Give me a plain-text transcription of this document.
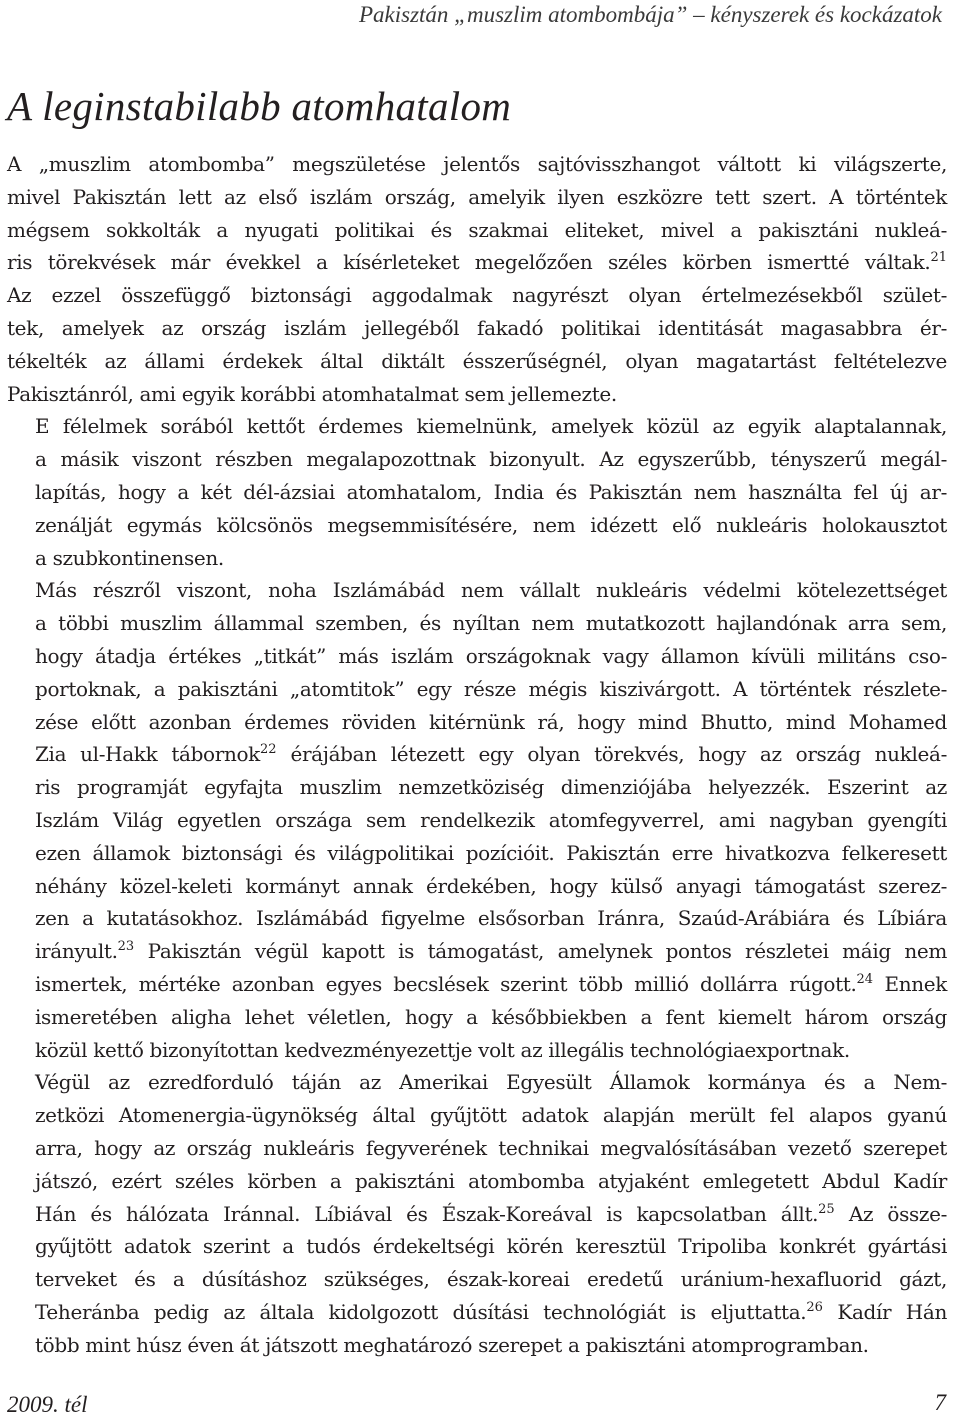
Pakisztán „muszlim atombombája” – kényszerek és kockázatok
A leginstabilabb atomhatalom

A „muszlim atombomba” megszületése jelentős sajtóvisszhangot váltott ki világszerte,
mivel Pakisztán lett az első iszlám ország, amelyik ilyen eszközre tett szert. A történtek
mégsem sokkolták a nyugati politikai és szakmai eliteket, mivel a pakisztáni nukleá-
ris törekvések már évekkel a kísérleteket megelőzően széles körben ismertté váltak.$^{21}$
Az ezzel összefüggő biztonsági aggodalmak nagyrészt olyan értelmezésekből szület-
tek, amelyek az ország iszlám jellegéből fakadó politikai identitását magasabbra ér-
tékelték az állami érdekek által diktált ésszerűségnél, olyan magatartást feltételezve
Pakisztánról, ami egyik korábbi atomhatalmat sem jellemezte.

E félelmek sorából kettőt érdemes kiemelnünk, amelyek közül az egyik alaptalannak,
a másik viszont részben megalapozottnak bizonyult. Az egyszerűbb, tényszerű megál-
lapítás, hogy a két dél-ázsiai atomhatalom, India és Pakisztán nem használta fel új ar-
zenálját egymás kölcsönös megsemmisítésére, nem idézett elő nukleáris holokausztot
a szubkontinensen.

Más részről viszont, noha Iszlámábád nem vállalt nukleáris védelmi kötelezettséget
a többi muszlim állammal szemben, és nyíltan nem mutatkozott hajlandónak arra sem,
hogy átadja értékes „titkát” más iszlám országoknak vagy államon kívüli militáns cso-
portoknak, a pakisztáni „atomtitok” egy része mégis kiszivárgott. A történtek részlete-
zése előtt azonban érdemes röviden kitérnünk rá, hogy mind Bhutto, mind Mohamed
Zia ul-Hakk tábornok$^{22}$ érájában létezett egy olyan törekvés, hogy az ország nukleá-
ris programját egyfajta muszlim nemzetköziség dimenziójába helyezzék. Eszerint az
Iszlám Világ egyetlen országa sem rendelkezik atomfegyverrel, ami nagyban gyengíti
ezen államok biztonsági és világpolitikai pozícióit. Pakisztán erre hivatkozva felkeresett
néhány közel-keleti kormányt annak érdekében, hogy külső anyagi támogatást szerez-
zen a kutatásokhoz. Iszlámábád figyelme elsősorban Iránra, Szaúd-Arábiára és Líbiára
irányult.$^{23}$ Pakisztán végül kapott is támogatást, amelynek pontos részletei máig nem
ismertek, mértéke azonban egyes becslések szerint több millió dollárra rúgott.$^{24}$ Ennek
ismeretében aligha lehet véletlen, hogy a későbbiekben a fent kiemelt három ország
közül kettő bizonyítottan kedvezményezettje volt az illegális technológiaexportnak.

Végül az ezredforduló táján az Amerikai Egyesült Államok kormánya és a Nem-
zetközi Atomenergia-ügynökség által gyűjtött adatok alapján merült fel alapos gyanú
arra, hogy az ország nukleáris fegyverének technikai megvalósításában vezető szerepet
játszó, ezért széles körben a pakisztáni atombomba atyjaként emlegetett Abdul Kadír
Hán és hálózata Iránnal. Líbiával és Észak-Koreával is kapcsolatban állt.$^{25}$ Az össze-
gyűjtött adatok szerint a tudós érdekeltségi körén keresztül Tripoliba konkrét gyártási
terveket és a dúsításhoz szükséges, észak-koreai eredetű uránium-hexafluorid gázt,
Teheránba pedig az általa kidolgozott dúsítási technológiát is eljuttatta.$^{26}$ Kadír Hán
több mint húsz éven át játszott meghatározó szerepet a pakisztáni atomprogramban.

2009. tél	7
